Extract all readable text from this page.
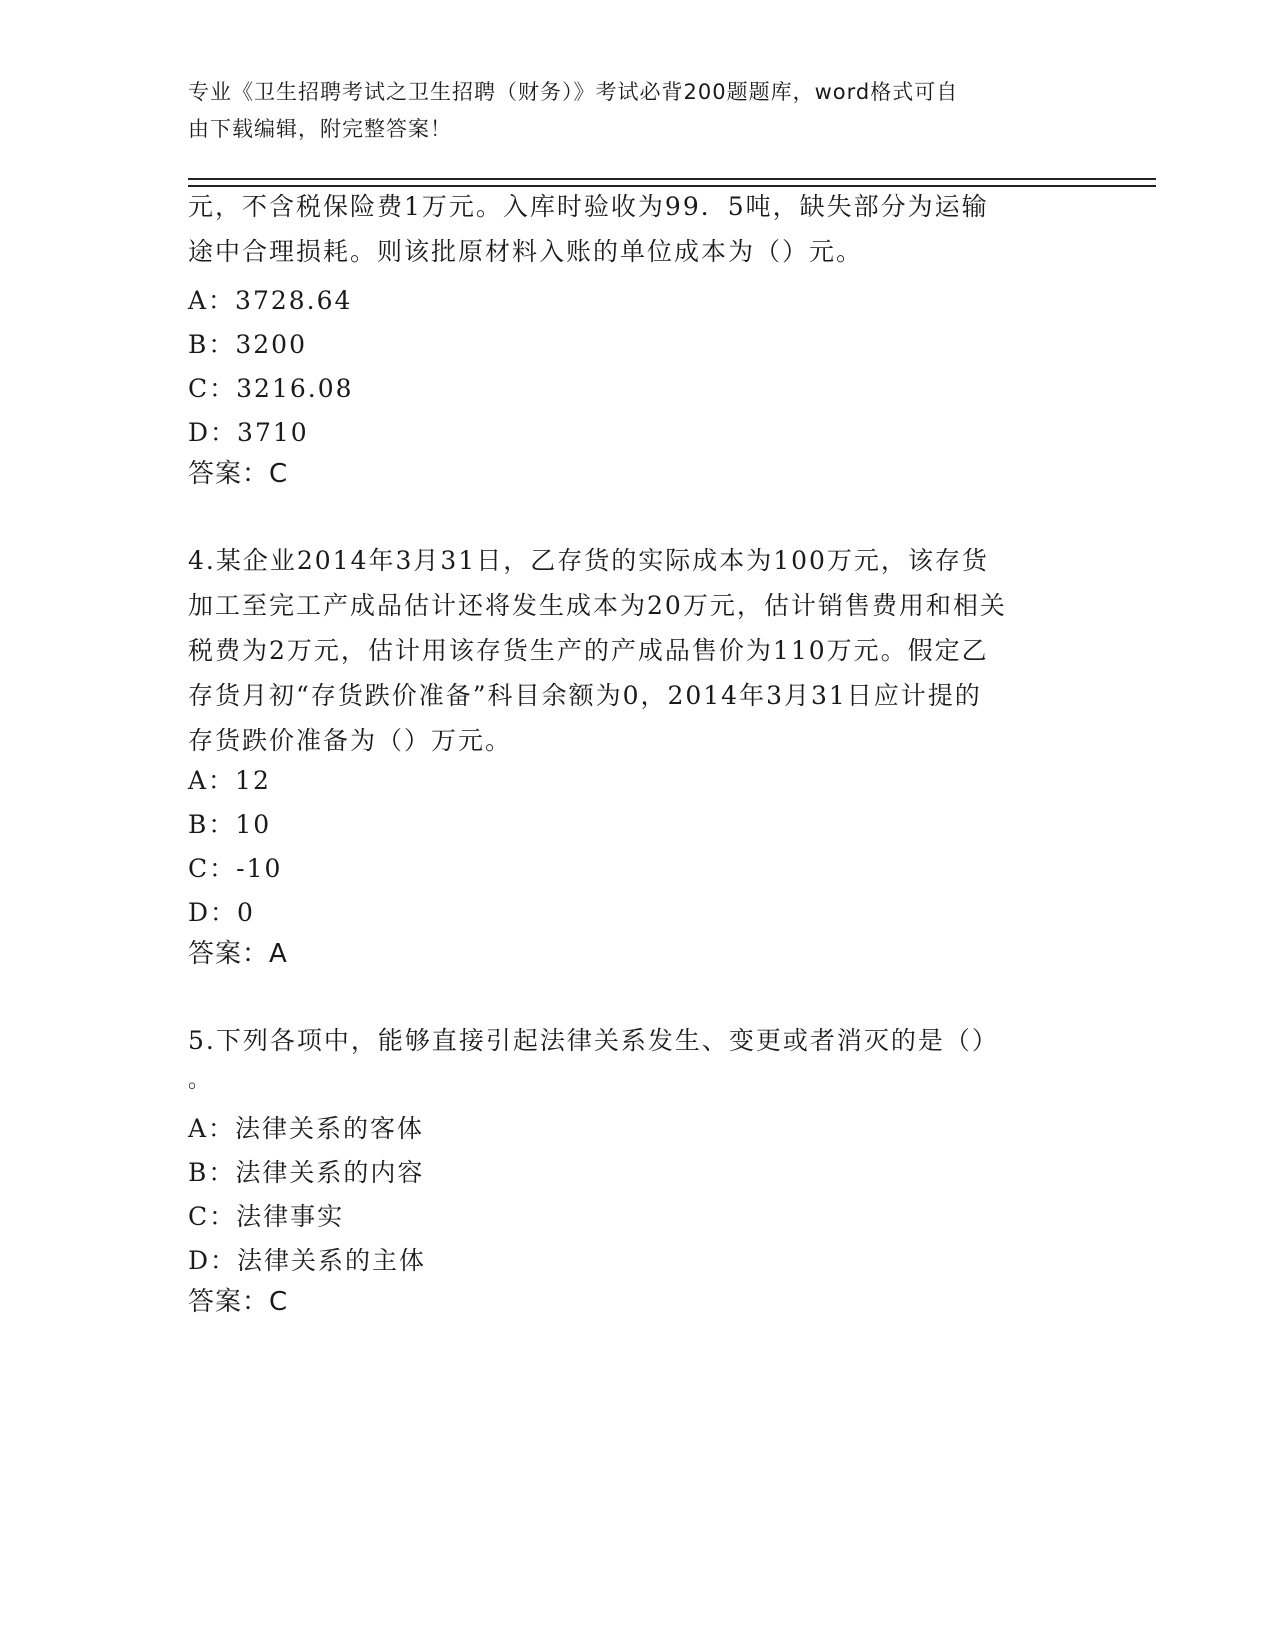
专业《卫生招聘考试之卫生招聘（财务）》考试必背200题题库，word格式可自
由下载编辑，附完整答案！
元，不含税保险费1万元。入库时验收为99．5吨，缺失部分为运输
途中合理损耗。则该批原材料入账的单位成本为（）元。
A：3728.64
B：3200
C：3216.08
D：3710
答案：C
4.某企业2014年3月31日，乙存货的实际成本为100万元，该存货
加工至完工产成品估计还将发生成本为20万元，估计销售费用和相关
税费为2万元，估计用该存货生产的产成品售价为110万元。假定乙
存货月初“存货跌价准备”科目余额为0，2014年3月31日应计提的
存货跌价准备为（）万元。
A：12
B：10
C：-10
D：0
答案：A
5.下列各项中，能够直接引起法律关系发生、变更或者消灭的是（）
。
A：法律关系的客体
B：法律关系的内容
C：法律事实
D：法律关系的主体
答案：C
